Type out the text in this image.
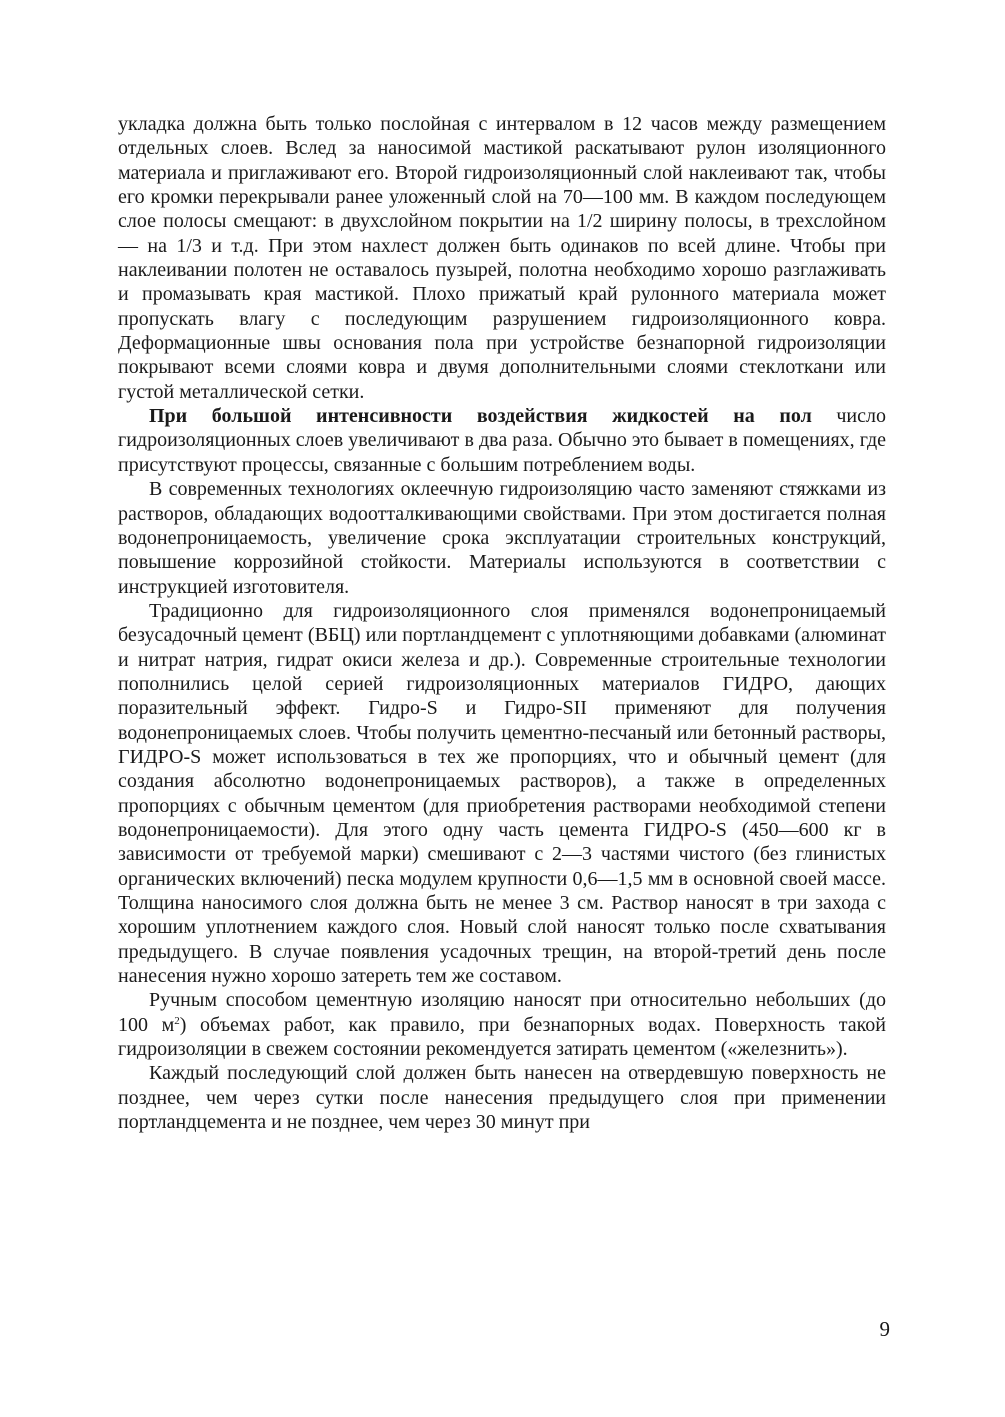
укладка должна быть только послойная с интервалом в 12 часов между размещением отдельных слоев. Вслед за наносимой мастикой раскатывают рулон изоляционного материала и приглаживают его. Второй гидроизоляционный слой наклеивают так, чтобы его кромки перекрывали ранее уложенный слой на 70—100 мм. В каждом последующем слое полосы смещают: в двухслойном покрытии на 1/2 ширину полосы, в трехслойном — на 1/3 и т.д. При этом нахлест должен быть одинаков по всей длине. Чтобы при наклеивании полотен не оставалось пузырей, полотна необходимо хорошо разглаживать и промазывать края мастикой. Плохо прижатый край рулонного материала может пропускать влагу с последующим разрушением гидроизоляционного ковра. Деформационные швы основания пола при устройстве безнапорной гидроизоляции покрывают всеми слоями ковра и двумя дополнительными слоями стеклоткани или густой металлической сетки.

При большой интенсивности воздействия жидкостей на пол число гидроизоляционных слоев увеличивают в два раза. Обычно это бывает в помещениях, где присутствуют процессы, связанные с большим потреблением воды.

В современных технологиях оклеечную гидроизоляцию часто заменяют стяжками из растворов, обладающих водоотталкивающими свойствами. При этом достигается полная водонепроницаемость, увеличение срока эксплуатации строительных конструкций, повышение коррозийной стойкости. Материалы используются в соответствии с инструкцией изготовителя.

Традиционно для гидроизоляционного слоя применялся водонепроницаемый безусадочный цемент (ВБЦ) или портландцемент с уплотняющими добавками (алюминат и нитрат натрия, гидрат окиси железа и др.). Современные строительные технологии пополнились целой серией гидроизоляционных материалов ГИДРО, дающих поразительный эффект. Гидро-S и Гидро-SII применяют для получения водонепроницаемых слоев. Чтобы получить цементно-песчаный или бетонный растворы, ГИДРО-S может использоваться в тех же пропорциях, что и обычный цемент (для создания абсолютно водонепроницаемых растворов), а также в определенных пропорциях с обычным цементом (для приобретения растворами необходимой степени водонепроницаемости). Для этого одну часть цемента ГИДРО-S (450—600 кг в зависимости от требуемой марки) смешивают с 2—3 частями чистого (без глинистых органических включений) песка модулем крупности 0,6—1,5 мм в основной своей массе. Толщина наносимого слоя должна быть не менее 3 см. Раствор наносят в три захода с хорошим уплотнением каждого слоя. Новый слой наносят только после схватывания предыдущего. В случае появления усадочных трещин, на второй-третий день после нанесения нужно хорошо затереть тем же составом.

Ручным способом цементную изоляцию наносят при относительно небольших (до 100 $м^2$) объемах работ, как правило, при безнапорных водах. Поверхность такой гидроизоляции в свежем состоянии рекомендуется затирать цементом («железнить»).

Каждый последующий слой должен быть нанесен на отвердевшую поверхность не позднее, чем через сутки после нанесения предыдущего слоя при применении портландцемента и не позднее, чем через 30 минут при

9
